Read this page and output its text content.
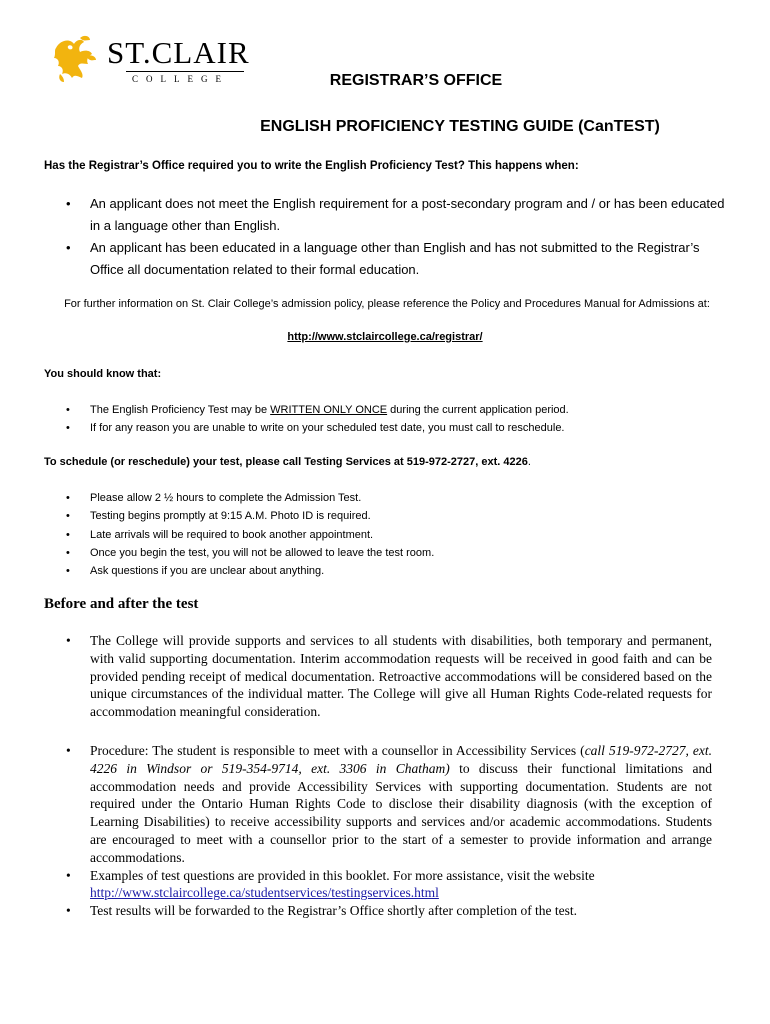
ST.CLAIR
COLLEGE	REGISTRAR’S OFFICE
ENGLISH PROFICIENCY TESTING GUIDE (CanTEST)
Has the Registrar’s Office required you to write the English Proficiency Test? This happens when:
• An applicant does not meet the English requirement for a post-secondary program and / or has been educated in a language other than English.
• An applicant has been educated in a language other than English and has not submitted to the Registrar’s Office all documentation related to their formal education.
For further information on St. Clair College’s admission policy, please reference the Policy and Procedures Manual for Admissions at:
http://www.stclaircollege.ca/registrar/
You should know that:
• The English Proficiency Test may be WRITTEN ONLY ONCE during the current application period.
• If for any reason you are unable to write on your scheduled test date, you must call to reschedule.
To schedule (or reschedule) your test, please call Testing Services at 519-972-2727, ext. 4226.
• Please allow 2 ½ hours to complete the Admission Test.
• Testing begins promptly at 9:15 A.M. Photo ID is required.
• Late arrivals will be required to book another appointment.
• Once you begin the test, you will not be allowed to leave the test room.
• Ask questions if you are unclear about anything.
Before and after the test
• The College will provide supports and services to all students with disabilities, both temporary and permanent, with valid supporting documentation. Interim accommodation requests will be received in good faith and can be provided pending receipt of medical documentation. Retroactive accommodations will be considered based on the unique circumstances of the individual matter. The College will give all Human Rights Code-related requests for accommodation meaningful consideration.
• Procedure: The student is responsible to meet with a counsellor in Accessibility Services (call 519-972-2727, ext. 4226 in Windsor or 519-354-9714, ext. 3306 in Chatham) to discuss their functional limitations and accommodation needs and provide Accessibility Services with supporting documentation. Students are not required under the Ontario Human Rights Code to disclose their disability diagnosis (with the exception of Learning Disabilities) to receive accessibility supports and services and/or academic accommodations. Students are encouraged to meet with a counsellor prior to the start of a semester to provide information and arrange accommodations.
• Examples of test questions are provided in this booklet. For more assistance, visit the website
http://www.stclaircollege.ca/studentservices/testingservices.html
• Test results will be forwarded to the Registrar’s Office shortly after completion of the test.
